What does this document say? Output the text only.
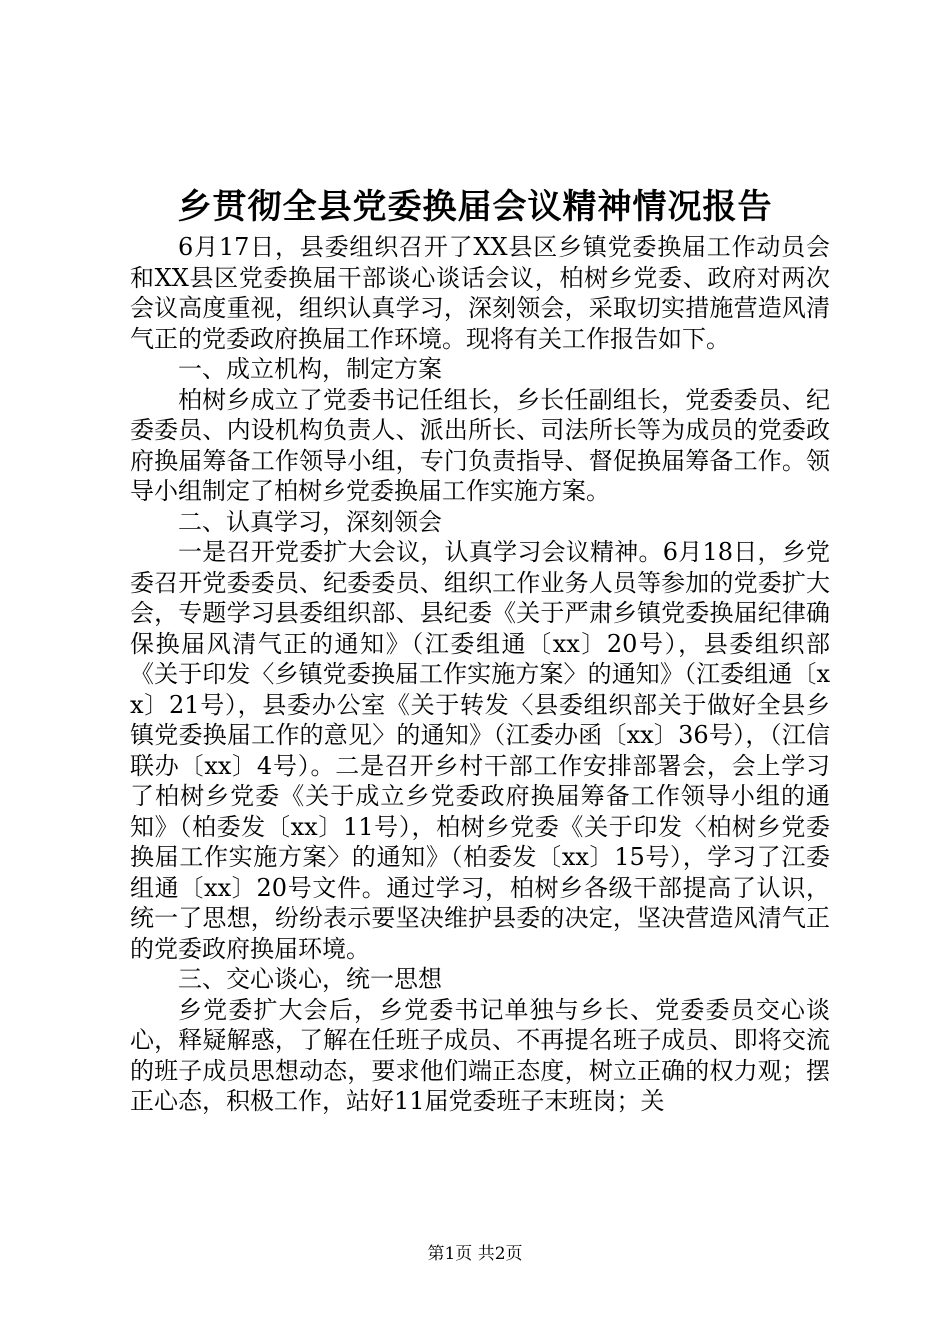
乡贯彻全县党委换届会议精神情况报告

6月17日，县委组织召开了XX县区乡镇党委换届工作动员会和XX县区党委换届干部谈心谈话会议，柏树乡党委、政府对两次会议高度重视，组织认真学习，深刻领会，采取切实措施营造风清气正的党委政府换届工作环境。现将有关工作报告如下。

一、成立机构，制定方案

柏树乡成立了党委书记任组长，乡长任副组长，党委委员、纪委委员、内设机构负责人、派出所长、司法所长等为成员的党委政府换届筹备工作领导小组，专门负责指导、督促换届筹备工作。领导小组制定了柏树乡党委换届工作实施方案。

二、认真学习，深刻领会

一是召开党委扩大会议，认真学习会议精神。6月18日，乡党委召开党委委员、纪委委员、组织工作业务人员等参加的党委扩大会，专题学习县委组织部、县纪委《关于严肃乡镇党委换届纪律确保换届风清气正的通知》（江委组通〔xx〕20号），县委组织部《关于印发〈乡镇党委换届工作实施方案〉的通知》（江委组通〔xx〕21号），县委办公室《关于转发〈县委组织部关于做好全县乡镇党委换届工作的意见〉的通知》（江委办函〔xx〕36号），（江信联办〔xx〕4号）。二是召开乡村干部工作安排部署会，会上学习了柏树乡党委《关于成立乡党委政府换届筹备工作领导小组的通知》（柏委发〔xx〕11号），柏树乡党委《关于印发〈柏树乡党委换届工作实施方案〉的通知》（柏委发〔xx〕15号），学习了江委组通〔xx〕20号文件。通过学习，柏树乡各级干部提高了认识，统一了思想，纷纷表示要坚决维护县委的决定，坚决营造风清气正的党委政府换届环境。

三、交心谈心，统一思想

乡党委扩大会后，乡党委书记单独与乡长、党委委员交心谈心，释疑解惑，了解在任班子成员、不再提名班子成员、即将交流的班子成员思想动态，要求他们端正态度，树立正确的权力观；摆正心态，积极工作，站好11届党委班子末班岗；关

第1页 共2页
